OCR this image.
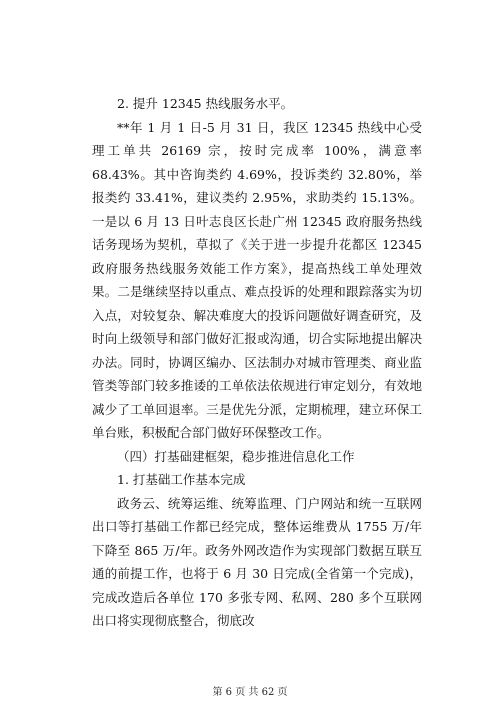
2. 提升 12345 热线服务水平。

**年 1 月 1 日-5 月 31 日，我区 12345 热线中心受理工单共 26169 宗，按时完成率 100%，满意率 68.43%。其中咨询类约 4.69%，投诉类约 32.80%，举报类约 33.41%，建议类约 2.95%，求助类约 15.13%。一是以 6 月 13 日叶志良区长赴广州 12345 政府服务热线话务现场为契机，草拟了《关于进一步提升花都区 12345 政府服务热线服务效能工作方案》，提高热线工单处理效果。二是继续坚持以重点、难点投诉的处理和跟踪落实为切入点，对较复杂、解决难度大的投诉问题做好调查研究，及时向上级领导和部门做好汇报或沟通，切合实际地提出解决办法。同时，协调区编办、区法制办对城市管理类、商业监管类等部门较多推诿的工单依法依规进行审定划分，有效地减少了工单回退率。三是优先分派，定期梳理，建立环保工单台账，积极配合部门做好环保整改工作。

（四）打基础建框架，稳步推进信息化工作

1. 打基础工作基本完成

政务云、统筹运维、统筹监理、门户网站和统一互联网出口等打基础工作都已经完成，整体运维费从 1755 万/年下降至 865 万/年。政务外网改造作为实现部门数据互联互通的前提工作，也将于 6 月 30 日完成(全省第一个完成)，完成改造后各单位 170 多张专网、私网、280 多个互联网出口将实现彻底整合，彻底改

第 6 页 共 62 页
